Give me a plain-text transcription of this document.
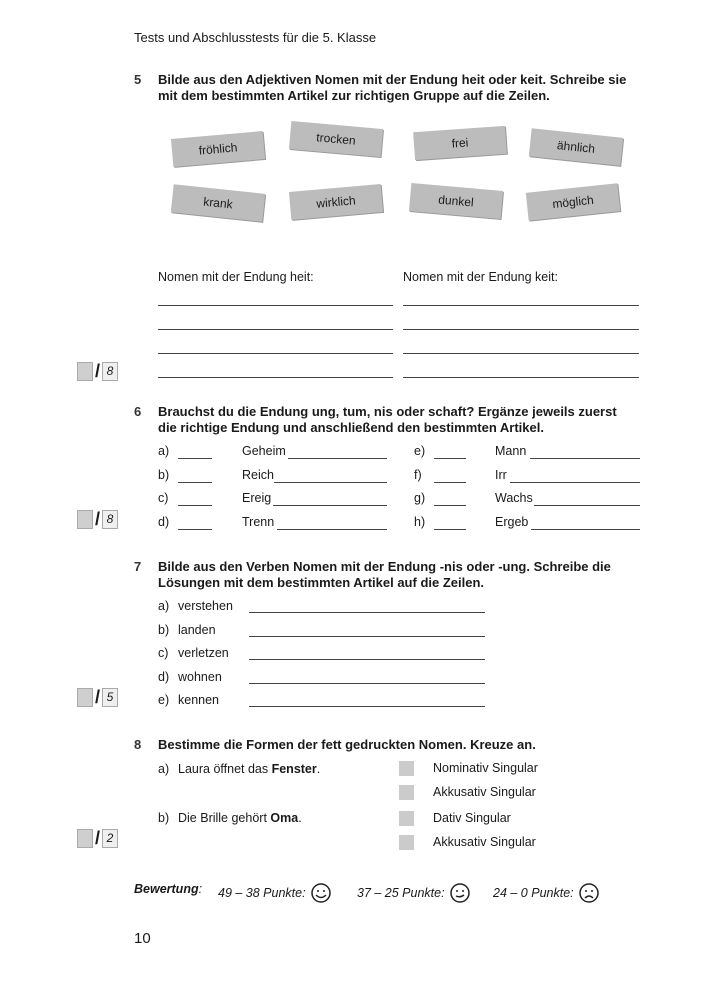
Tests und Abschlusstests für die 5. Klasse
5 Bilde aus den Adjektiven Nomen mit der Endung heit oder keit. Schreibe sie mit dem bestimmten Artikel zur richtigen Gruppe auf die Zeilen.
fröhlich
trocken	frei	ähnlich
krank	wirklich	dunkel	möglich
Nomen mit der Endung heit:	Nomen mit der Endung keit:
/ 8
6 Brauchst du die Endung ung, tum, nis oder schaft? Ergänze jeweils zuerst die richtige Endung und anschließend den bestimmten Artikel.
a)	Geheim
b)	Reich
c)	Ereig
d)	Trenn
e)	Mann
f)	Irr
g)	Wachs
h)	Ergeb
/ 8
7 Bilde aus den Verben Nomen mit der Endung -nis oder -ung. Schreibe die Lösungen mit dem bestimmten Artikel auf die Zeilen.
a) verstehen
b) landen
c) verletzen
d) wohnen
e) kennen
/ 5
8 Bestimme die Formen der fett gedruckten Nomen. Kreuze an.
a) Laura öffnet das Fenster.
b) Die Brille gehört Oma.
Nominativ Singular
Akkusativ Singular
Dativ Singular
Akkusativ Singular
/ 2
Bewertung : 49 – 38 Punkte:	37 – 25 Punkte:	24 – 0 Punkte:
10
